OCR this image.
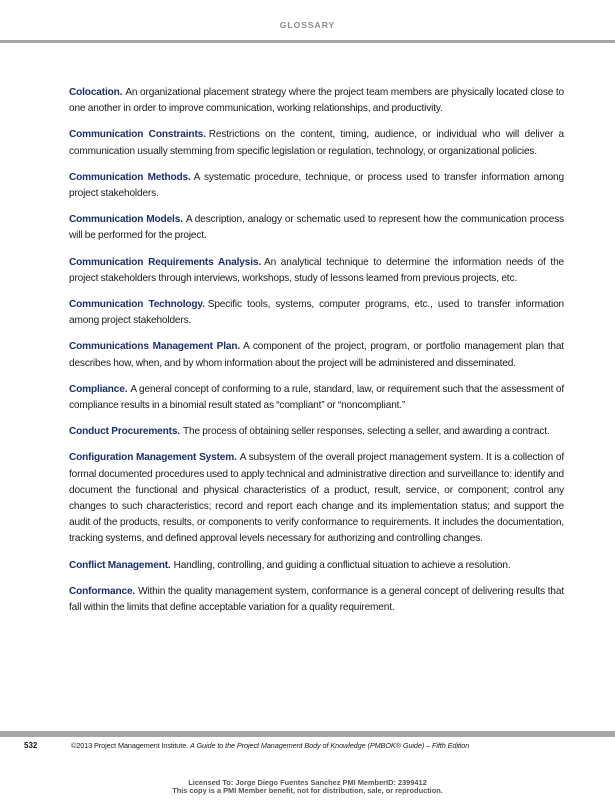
GLOSSARY

Colocation. An organizational placement strategy where the project team members are physically located close to one another in order to improve communication, working relationships, and productivity.

Communication Constraints. Restrictions on the content, timing, audience, or individual who will deliver a communication usually stemming from specific legislation or regulation, technology, or organizational policies.

Communication Methods. A systematic procedure, technique, or process used to transfer information among project stakeholders.

Communication Models. A description, analogy or schematic used to represent how the communication process will be performed for the project.

Communication Requirements Analysis. An analytical technique to determine the information needs of the project stakeholders through interviews, workshops, study of lessons learned from previous projects, etc.

Communication Technology. Specific tools, systems, computer programs, etc., used to transfer information among project stakeholders.

Communications Management Plan. A component of the project, program, or portfolio management plan that describes how, when, and by whom information about the project will be administered and disseminated.

Compliance. A general concept of conforming to a rule, standard, law, or requirement such that the assessment of compliance results in a binomial result stated as “compliant” or “noncompliant.”

Conduct Procurements. The process of obtaining seller responses, selecting a seller, and awarding a contract.

Configuration Management System. A subsystem of the overall project management system. It is a collection of formal documented procedures used to apply technical and administrative direction and surveillance to: identify and document the functional and physical characteristics of a product, result, service, or component; control any changes to such characteristics; record and report each change and its implementation status; and support the audit of the products, results, or components to verify conformance to requirements. It includes the documentation, tracking systems, and defined approval levels necessary for authorizing and controlling changes.

Conflict Management. Handling, controlling, and guiding a conflictual situation to achieve a resolution.

Conformance. Within the quality management system, conformance is a general concept of delivering results that fall within the limits that define acceptable variation for a quality requirement.

532	©2013 Project Management Institute. A Guide to the Project Management Body of Knowledge (PMBOK® Guide) – Fifth Edition
Licensed To: Jorge Diego Fuentes Sanchez PMI MemberID: 2399412
This copy is a PMI Member benefit, not for distribution, sale, or reproduction.
